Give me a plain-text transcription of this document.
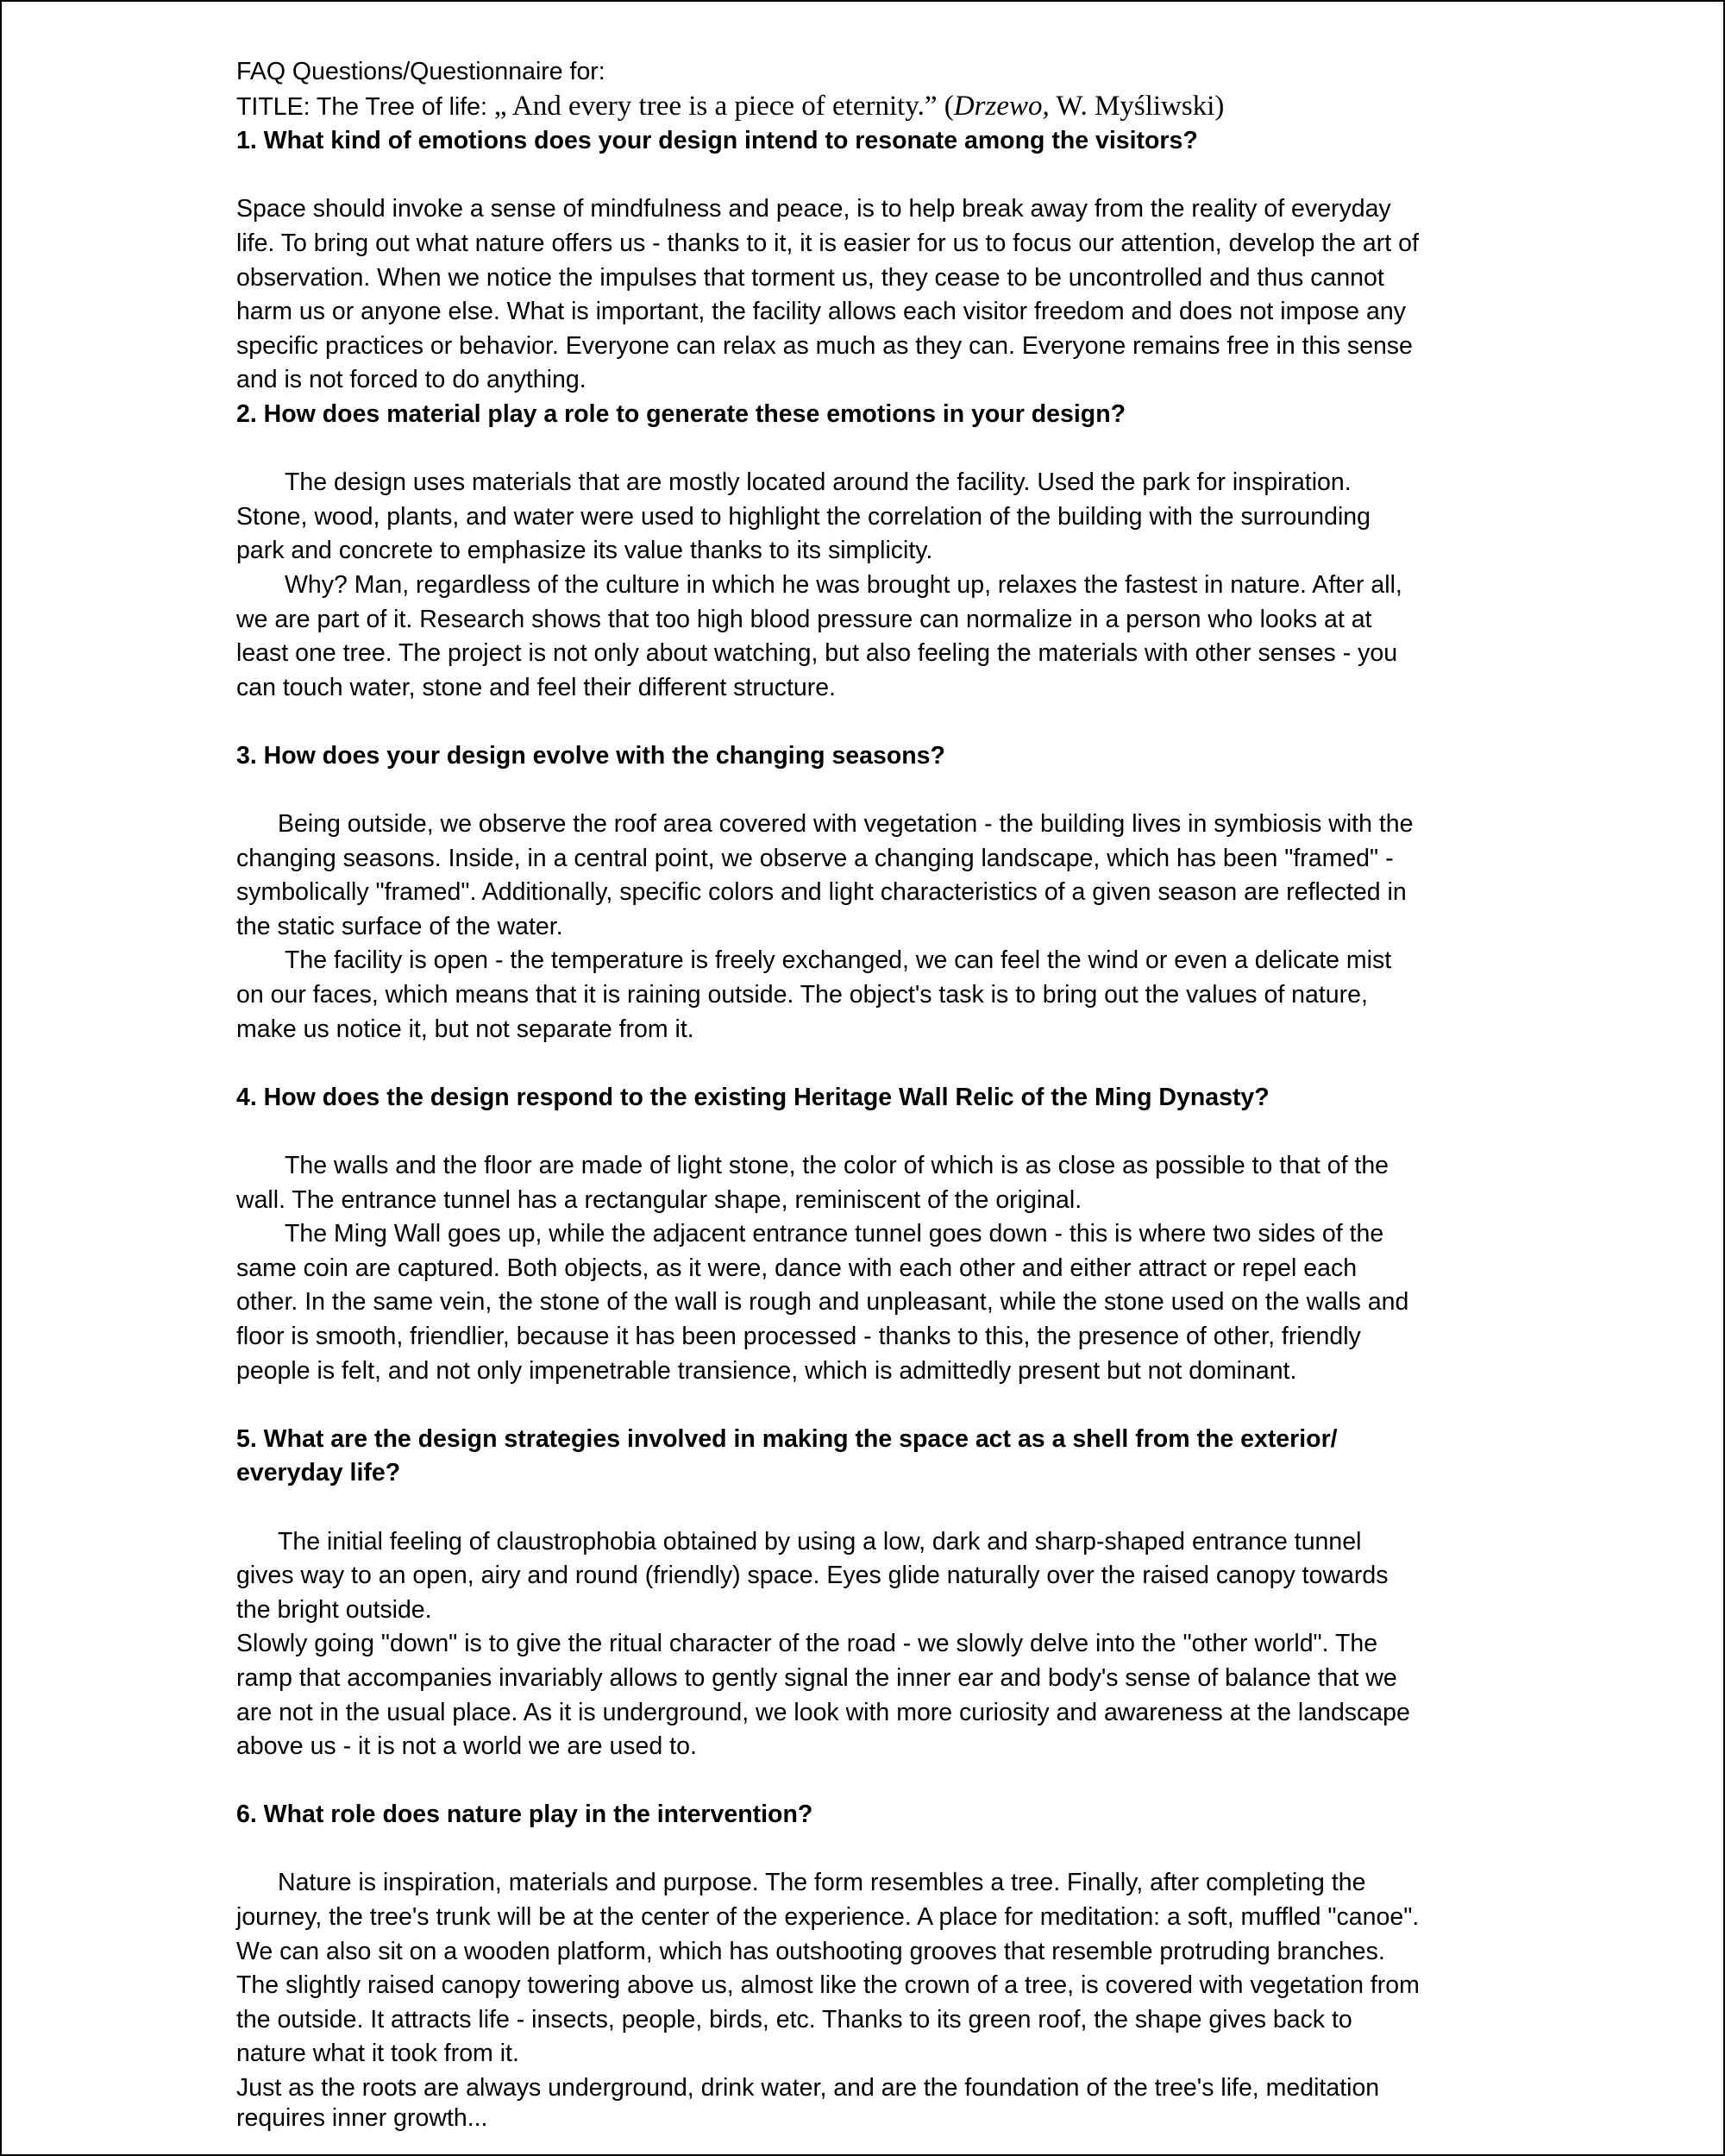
FAQ Questions/Questionnaire for:

TITLE: The Tree of life: „ And every tree is a piece of eternity.” (Drzewo, W. Myśliwski)

1. What kind of emotions does your design intend to resonate among the visitors?

Space should invoke a sense of mindfulness and peace, is to help break away from the reality of everyday

life. To bring out what nature offers us - thanks to it, it is easier for us to focus our attention, develop the art of

observation. When we notice the impulses that torment us, they cease to be uncontrolled and thus cannot

harm us or anyone else. What is important, the facility allows each visitor freedom and does not impose any

specific practices or behavior. Everyone can relax as much as they can. Everyone remains free in this sense

and is not forced to do anything.

2. How does material play a role to generate these emotions in your design?

The design uses materials that are mostly located around the facility. Used the park for inspiration.

Stone, wood, plants, and water were used to highlight the correlation of the building with the surrounding

park and concrete to emphasize its value thanks to its simplicity.

Why? Man, regardless of the culture in which he was brought up, relaxes the fastest in nature. After all,

we are part of it. Research shows that too high blood pressure can normalize in a person who looks at at

least one tree. The project is not only about watching, but also feeling the materials with other senses - you

can touch water, stone and feel their different structure.

3. How does your design evolve with the changing seasons?

Being outside, we observe the roof area covered with vegetation - the building lives in symbiosis with the

changing seasons. Inside, in a central point, we observe a changing landscape, which has been "framed" -

symbolically "framed". Additionally, specific colors and light characteristics of a given season are reflected in

the static surface of the water.

The facility is open - the temperature is freely exchanged, we can feel the wind or even a delicate mist

on our faces, which means that it is raining outside. The object's task is to bring out the values of nature,

make us notice it, but not separate from it.

4. How does the design respond to the existing Heritage Wall Relic of the Ming Dynasty?

The walls and the floor are made of light stone, the color of which is as close as possible to that of the

wall. The entrance tunnel has a rectangular shape, reminiscent of the original.

The Ming Wall goes up, while the adjacent entrance tunnel goes down - this is where two sides of the

same coin are captured. Both objects, as it were, dance with each other and either attract or repel each

other. In the same vein, the stone of the wall is rough and unpleasant, while the stone used on the walls and

floor is smooth, friendlier, because it has been processed - thanks to this, the presence of other, friendly

people is felt, and not only impenetrable transience, which is admittedly present but not dominant.

5. What are the design strategies involved in making the space act as a shell from the exterior/

everyday life?

The initial feeling of claustrophobia obtained by using a low, dark and sharp-shaped entrance tunnel

gives way to an open, airy and round (friendly) space. Eyes glide naturally over the raised canopy towards

the bright outside.

Slowly going "down" is to give the ritual character of the road - we slowly delve into the "other world". The

ramp that accompanies invariably allows to gently signal the inner ear and body's sense of balance that we

are not in the usual place. As it is underground, we look with more curiosity and awareness at the landscape

above us - it is not a world we are used to.

6. What role does nature play in the intervention?

Nature is inspiration, materials and purpose. The form resembles a tree. Finally, after completing the

journey, the tree's trunk will be at the center of the experience. A place for meditation: a soft, muffled "canoe".

We can also sit on a wooden platform, which has outshooting grooves that resemble protruding branches.

The slightly raised canopy towering above us, almost like the crown of a tree, is covered with vegetation from

the outside. It attracts life - insects, people, birds, etc. Thanks to its green roof, the shape gives back to

nature what it took from it.

Just as the roots are always underground, drink water, and are the foundation of the tree's life, meditation

requires inner growth...
